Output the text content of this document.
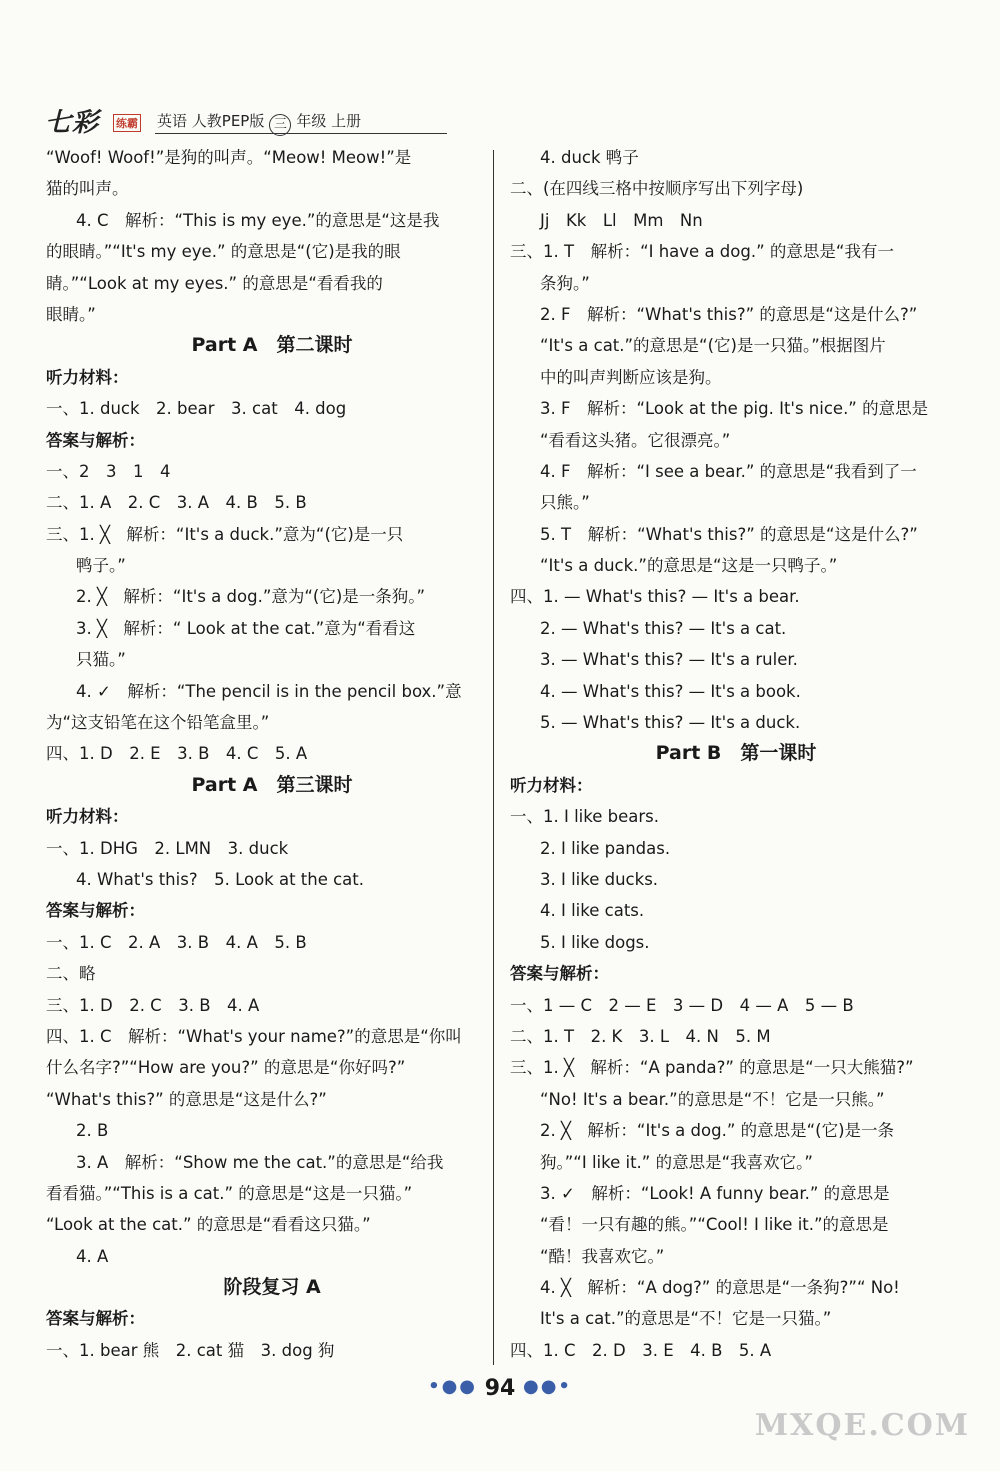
七彩 练霸 英语 人教PEP版 三 年级 上册
“Woof! Woof!”是狗的叫声。“Meow! Meow!”是
猫的叫声。
4. C　解析：“This is my eye.”的意思是“这是我
的眼睛。”“It's my eye.” 的意思是“(它)是我的眼
睛。”“Look at my eyes.” 的意思是“看看我的
眼睛。”
Part A　第二课时
听力材料：
一、1. duck　2. bear　3. cat　4. dog
答案与解析：
一、2　3　1　4
二、1. A　2. C　3. A　4. B　5. B
三、1. ╳　解析：“It's a duck.”意为“(它)是一只
鸭子。”
2. ╳　解析：“It's a dog.”意为“(它)是一条狗。”
3. ╳　解析：“ Look at the cat.”意为“看看这
只猫。”
4. ✓　解析：“The pencil is in the pencil box.”意
为“这支铅笔在这个铅笔盒里。”
四、1. D　2. E　3. B　4. C　5. A
Part A　第三课时
听力材料：
一、1. DHG　2. LMN　3. duck
4. What's this?　5. Look at the cat.
答案与解析：
一、1. C　2. A　3. B　4. A　5. B
二、略
三、1. D　2. C　3. B　4. A
四、1. C　解析：“What's your name?”的意思是“你叫
什么名字?”“How are you?” 的意思是“你好吗?”
“What's this?” 的意思是“这是什么?”
2. B
3. A　解析：“Show me the cat.”的意思是“给我
看看猫。”“This is a cat.” 的意思是“这是一只猫。”
“Look at the cat.” 的意思是“看看这只猫。”
4. A
阶段复习 A
答案与解析：
一、1. bear 熊　2. cat 猫　3. dog 狗
4. duck 鸭子
二、(在四线三格中按顺序写出下列字母)
Jj　Kk　Ll　Mm　Nn
三、1. T　解析：“I have a dog.” 的意思是“我有一
条狗。”
2. F　解析：“What's this?” 的意思是“这是什么?”
“It's a cat.”的意思是“(它)是一只猫。”根据图片
中的叫声判断应该是狗。
3. F　解析：“Look at the pig. It's nice.” 的意思是
“看看这头猪。它很漂亮。”
4. F　解析：“I see a bear.” 的意思是“我看到了一
只熊。”
5. T　解析：“What's this?” 的意思是“这是什么?”
“It's a duck.”的意思是“这是一只鸭子。”
四、1. — What's this? — It's a bear.
2. — What's this? — It's a cat.
3. — What's this? — It's a ruler.
4. — What's this? — It's a book.
5. — What's this? — It's a duck.
Part B　第一课时
听力材料：
一、1. I like bears.
2. I like pandas.
3. I like ducks.
4. I like cats.
5. I like dogs.
答案与解析：
一、1 — C　2 — E　3 — D　4 — A　5 — B
二、1. T　2. K　3. L　4. N　5. M
三、1. ╳　解析：“A panda?” 的意思是“一只大熊猫?”
“No! It's a bear.”的意思是“不！它是一只熊。”
2. ╳　解析：“It's a dog.” 的意思是“(它)是一条
狗。”“I like it.” 的意思是“我喜欢它。”
3. ✓　解析：“Look! A funny bear.” 的意思是
“看！一只有趣的熊。”“Cool! I like it.”的意思是
“酷！我喜欢它。”
4. ╳　解析：“A dog?” 的意思是“一条狗?”“ No!
It's a cat.”的意思是“不！它是一只猫。”
四、1. C　2. D　3. E　4. B　5. A
•●● 94 ●●•
MXQE.COM
